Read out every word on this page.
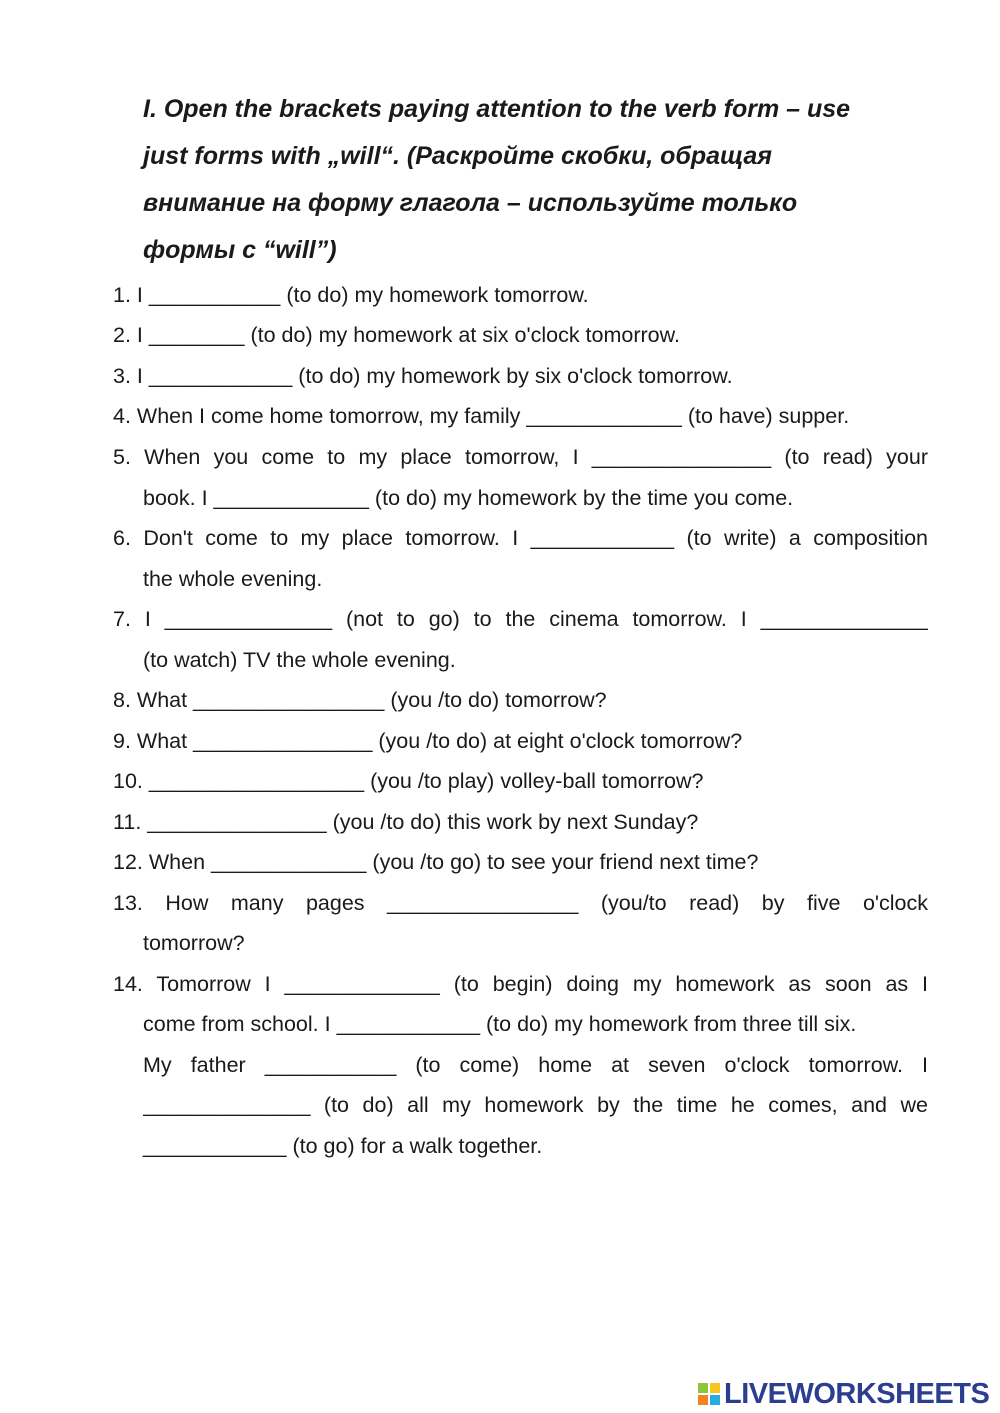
I. Open the brackets paying attention to the verb form – use
just forms with „will“. (Раскройте скобки, обращая
внимание на форму глагола – используйте только
формы с “will”)
1. I ___________ (to do) my homework tomorrow.
2. I ________ (to do) my homework at six o'clock tomorrow.
3. I ____________ (to do) my homework by six o'clock tomorrow.
4. When I come home tomorrow, my family _____________ (to have) supper.
5. When you come to my place tomorrow, I _______________ (to read) your
book. I _____________ (to do) my homework by the time you come.
6. Don't come to my place tomorrow. I ____________ (to write) a composition
the whole evening.
7. I ______________ (not to go) to the cinema tomorrow. I ______________
(to watch) TV the whole evening.
8. What ________________ (you /to do) tomorrow?
9. What _______________ (you /to do) at eight o'clock tomorrow?
10. __________________ (you /to play) volley-ball tomorrow?
11. _______________ (you /to do) this work by next Sunday?
12. When _____________ (you /to go) to see your friend next time?
13. How many pages ________________ (you/to read) by five o'clock
tomorrow?
14. Tomorrow I _____________ (to begin) doing my homework as soon as I
come from school. I ____________ (to do) my homework from three till six.
My father ___________ (to come) home at seven o'clock tomorrow. I
______________ (to do) all my homework by the time he comes, and we
____________ (to go) for a walk together.
LIVEWORKSHEETS
